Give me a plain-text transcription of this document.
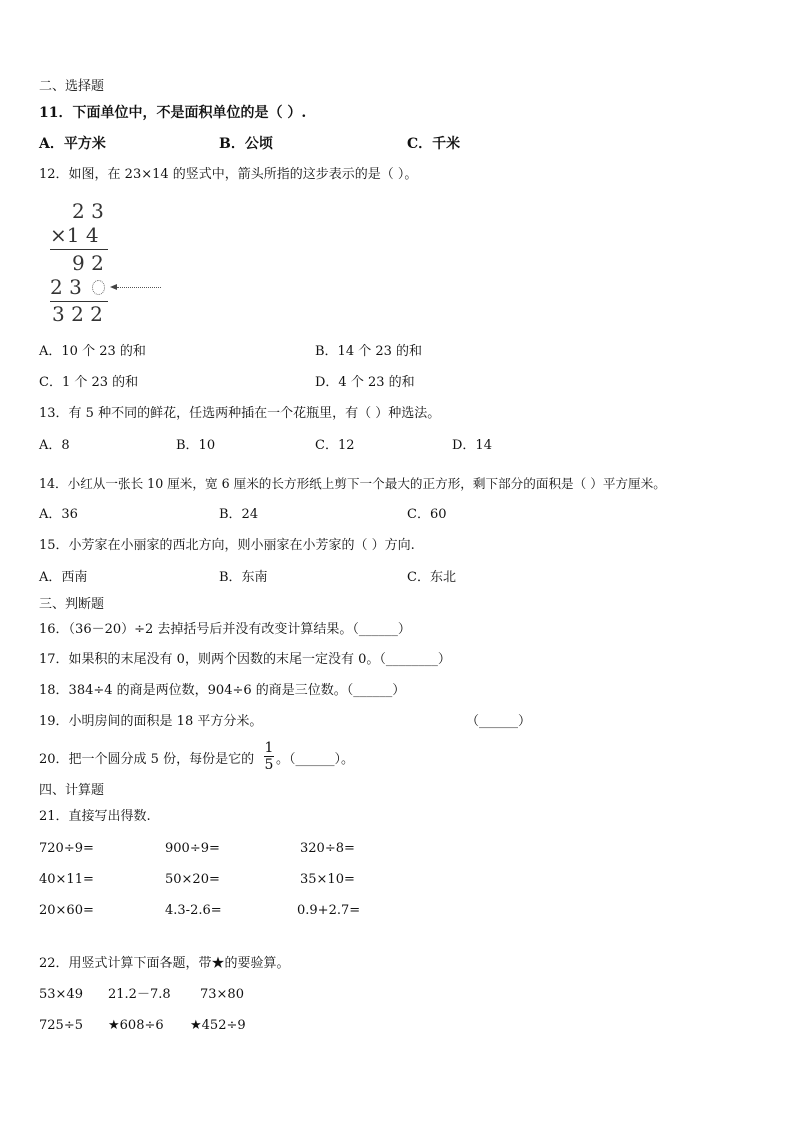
二、选择题
11．下面单位中，不是面积单位的是（ ）.
A．平方米	B．公顷	C．千米
12．如图，在 23×14 的竖式中，箭头所指的这步表示的是（ ）。
2 3
×1 4
9 2
2 3
3 2 2
A．10 个 23 的和	B．14 个 23 的和
C．1 个 23 的和	D．4 个 23 的和
13．有 5 种不同的鲜花，任选两种插在一个花瓶里，有（ ）种选法。
A．8	B．10	C．12	D．14
14．小红从一张长 10 厘米，宽 6 厘米的长方形纸上剪下一个最大的正方形，剩下部分的面积是（ ）平方厘米。
A．36	B．24	C．60
15．小芳家在小丽家的西北方向，则小丽家在小芳家的（ ）方向.
A．西南	B．东南	C．东北
三、判断题
16．（36－20）÷2 去掉括号后并没有改变计算结果。（______）
17．如果积的末尾没有 0，则两个因数的末尾一定没有 0。（________）
18．384÷4 的商是两位数，904÷6 的商是三位数。（______）
19．小明房间的面积是 18 平方分米。	（______）
20．把一个圆分成 5 份，每份是它的
1
5 。（______）。
四、计算题
21．直接写出得数.
720÷9=	900÷9=	320÷8=
40×11=	50×20=	35×10=
20×60=	4.3-2.6=	0.9+2.7=
22．用竖式计算下面各题，带★的要验算。
53×49 21.2－7.8 73×80
725÷5 ★608÷6 ★452÷9
